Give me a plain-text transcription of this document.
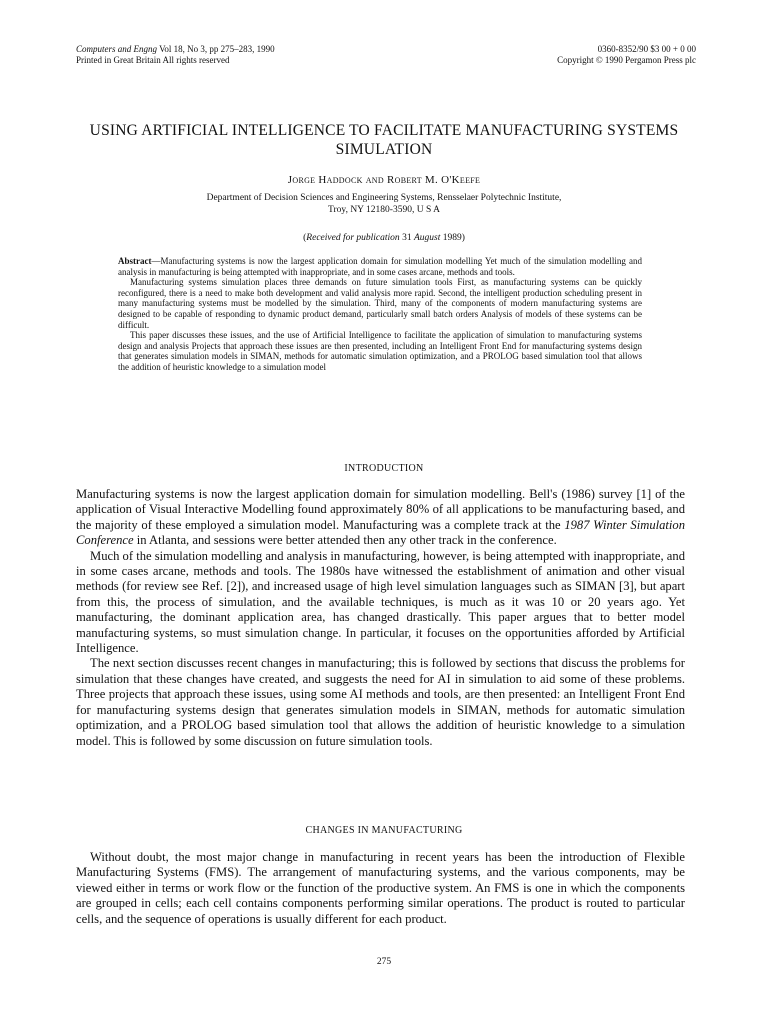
Computers and Engng Vol 18, No 3, pp 275–283, 1990
Printed in Great Britain All rights reserved
0360-8352/90 $3 00 + 0 00
Copyright © 1990 Pergamon Press plc
USING ARTIFICIAL INTELLIGENCE TO FACILITATE MANUFACTURING SYSTEMS SIMULATION
Jorge Haddock and Robert M. O'Keefe
Department of Decision Sciences and Engineering Systems, Rensselaer Polytechnic Institute,
Troy, NY 12180-3590, U S A
(Received for publication 31 August 1989)

Abstract—Manufacturing systems is now the largest application domain for simulation modelling Yet much of the simulation modelling and analysis in manufacturing is being attempted with inappropriate, and in some cases arcane, methods and tools.

Manufacturing systems simulation places three demands on future simulation tools First, as manufacturing systems can be quickly reconfigured, there is a need to make both development and valid analysis more rapid. Second, the intelligent production scheduling present in many manufacturing systems must be modelled by the simulation. Third, many of the components of modern manufacturing systems are designed to be capable of responding to dynamic product demand, particularly small batch orders Analysis of models of these systems can be difficult.

This paper discusses these issues, and the use of Artificial Intelligence to facilitate the application of simulation to manufacturing systems design and analysis Projects that approach these issues are then presented, including an Intelligent Front End for manufacturing systems design that generates simulation models in SIMAN, methods for automatic simulation optimization, and a PROLOG based simulation tool that allows the addition of heuristic knowledge to a simulation model

INTRODUCTION

Manufacturing systems is now the largest application domain for simulation modelling. Bell's (1986) survey [1] of the application of Visual Interactive Modelling found approximately 80% of all applications to be manufacturing based, and the majority of these employed a simulation model. Manufacturing was a complete track at the 1987 Winter Simulation Conference in Atlanta, and sessions were better attended then any other track in the conference.

Much of the simulation modelling and analysis in manufacturing, however, is being attempted with inappropriate, and in some cases arcane, methods and tools. The 1980s have witnessed the establishment of animation and other visual methods (for review see Ref. [2]), and increased usage of high level simulation languages such as SIMAN [3], but apart from this, the process of simulation, and the available techniques, is much as it was 10 or 20 years ago. Yet manufacturing, the dominant application area, has changed drastically. This paper argues that to better model manufacturing systems, so must simulation change. In particular, it focuses on the opportunities afforded by Artificial Intelligence.

The next section discusses recent changes in manufacturing; this is followed by sections that discuss the problems for simulation that these changes have created, and suggests the need for AI in simulation to aid some of these problems. Three projects that approach these issues, using some AI methods and tools, are then presented: an Intelligent Front End for manufacturing systems design that generates simulation models in SIMAN, methods for automatic simulation optimization, and a PROLOG based simulation tool that allows the addition of heuristic knowledge to a simulation model. This is followed by some discussion on future simulation tools.

CHANGES IN MANUFACTURING

Without doubt, the most major change in manufacturing in recent years has been the introduction of Flexible Manufacturing Systems (FMS). The arrangement of manufacturing systems, and the various components, may be viewed either in terms or work flow or the function of the productive system. An FMS is one in which the components are grouped in cells; each cell contains components performing similar operations. The product is routed to particular cells, and the sequence of operations is usually different for each product.

275
